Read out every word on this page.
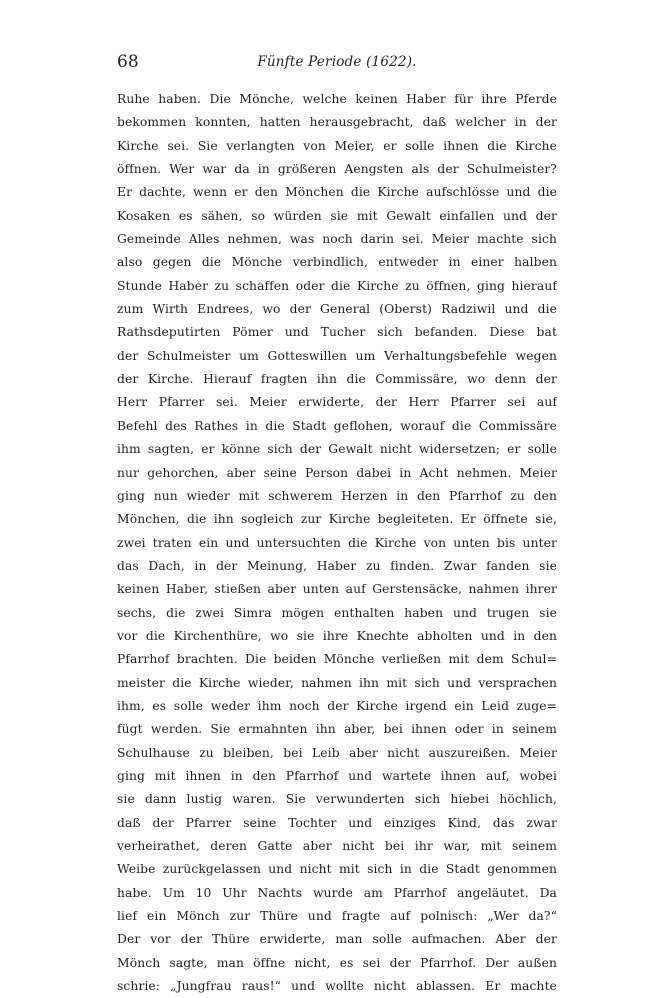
68	Fünfte Periode (1622).
Ruhe haben. Die Mönche, welche keinen Haber für ihre Pferde
bekommen konnten, hatten herausgebracht, daß welcher in der
Kirche sei. Sie verlangten von Meier, er solle ihnen die Kirche
öffnen. Wer war da in größeren Aengsten als der Schulmeister?
Er dachte, wenn er den Mönchen die Kirche aufschlösse und die
Kosaken es sähen, so würden sie mit Gewalt einfallen und der
Gemeinde Alles nehmen, was noch darin sei. Meier machte sich
also gegen die Mönche verbindlich, entweder in einer halben
Stunde Haber zu schaffen oder die Kirche zu öffnen, ging hierauf
zum Wirth Endrees, wo der General (Oberst) Radziwil und die
Rathsdeputirten Pömer und Tucher sich befanden. Diese bat
der Schulmeister um Gotteswillen um Verhaltungsbefehle wegen
der Kirche. Hierauf fragten ihn die Commissäre, wo denn der
Herr Pfarrer sei. Meier erwiderte, der Herr Pfarrer sei auf
Befehl des Rathes in die Stadt geflohen, worauf die Commissäre
ihm sagten, er könne sich der Gewalt nicht widersetzen; er solle
nur gehorchen, aber seine Person dabei in Acht nehmen. Meier
ging nun wieder mit schwerem Herzen in den Pfarrhof zu den
Mönchen, die ihn sogleich zur Kirche begleiteten. Er öffnete sie,
zwei traten ein und untersuchten die Kirche von unten bis unter
das Dach, in der Meinung, Haber zu finden. Zwar fanden sie
keinen Haber, stießen aber unten auf Gerstensäcke, nahmen ihrer
sechs, die zwei Simra mögen enthalten haben und trugen sie
vor die Kirchenthüre, wo sie ihre Knechte abholten und in den
Pfarrhof brachten. Die beiden Mönche verließen mit dem Schul=
meister die Kirche wieder, nahmen ihn mit sich und versprachen
ihm, es solle weder ihm noch der Kirche irgend ein Leid zuge=
fügt werden. Sie ermahnten ihn aber, bei ihnen oder in seinem
Schulhause zu bleiben, bei Leib aber nicht auszureißen. Meier
ging mit ihnen in den Pfarrhof und wartete ihnen auf, wobei
sie dann lustig waren. Sie verwunderten sich hiebei höchlich,
daß der Pfarrer seine Tochter und einziges Kind, das zwar
verheirathet, deren Gatte aber nicht bei ihr war, mit seinem
Weibe zurückgelassen und nicht mit sich in die Stadt genommen
habe. Um 10 Uhr Nachts wurde am Pfarrhof angeläutet. Da
lief ein Mönch zur Thüre und fragte auf polnisch: „Wer da?“
Der vor der Thüre erwiderte, man solle aufmachen. Aber der
Mönch sagte, man öffne nicht, es sei der Pfarrhof. Der außen
schrie: „Jungfrau raus!“ und wollte nicht ablassen. Er machte
